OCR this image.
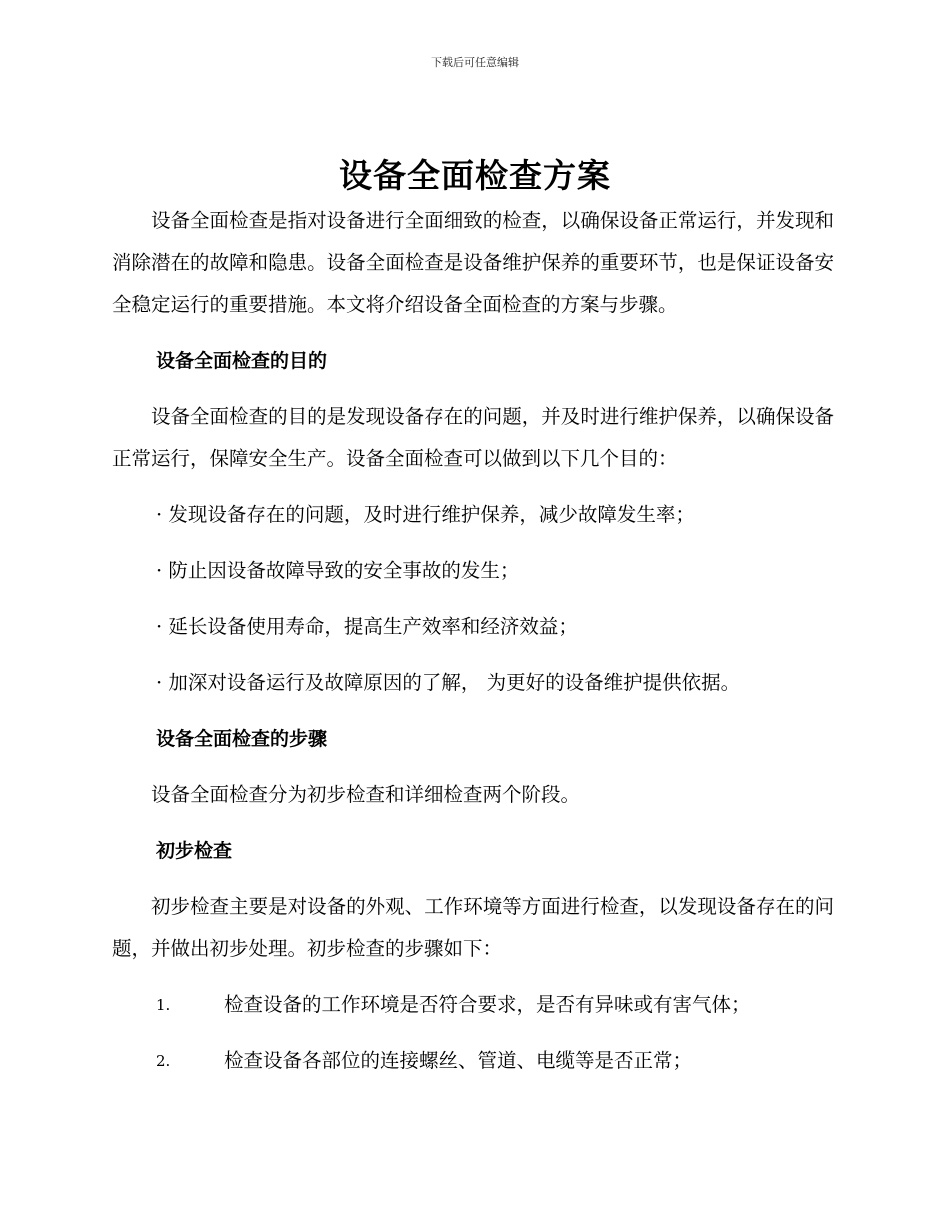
下载后可任意编辑
设备全面检查方案

设备全面检查是指对设备进行全面细致的检查，以确保设备正常运行，并发现和消除潜在的故障和隐患。设备全面检查是设备维护保养的重要环节，也是保证设备安全稳定运行的重要措施。本文将介绍设备全面检查的方案与步骤。

设备全面检查的目的

设备全面检查的目的是发现设备存在的问题，并及时进行维护保养，以确保设备正常运行，保障安全生产。设备全面检查可以做到以下几个目的：

· 发现设备存在的问题，及时进行维护保养，减少故障发生率；

· 防止因设备故障导致的安全事故的发生；

· 延长设备使用寿命，提高生产效率和经济效益；

· 加深对设备运行及故障原因的了解， 为更好的设备维护提供依据。

设备全面检查的步骤

设备全面检查分为初步检查和详细检查两个阶段。

初步检查

初步检查主要是对设备的外观、工作环境等方面进行检查，以发现设备存在的问题，并做出初步处理。初步检查的步骤如下：

1.	检查设备的工作环境是否符合要求，是否有异味或有害气体；
2.	检查设备各部位的连接螺丝、管道、电缆等是否正常；
